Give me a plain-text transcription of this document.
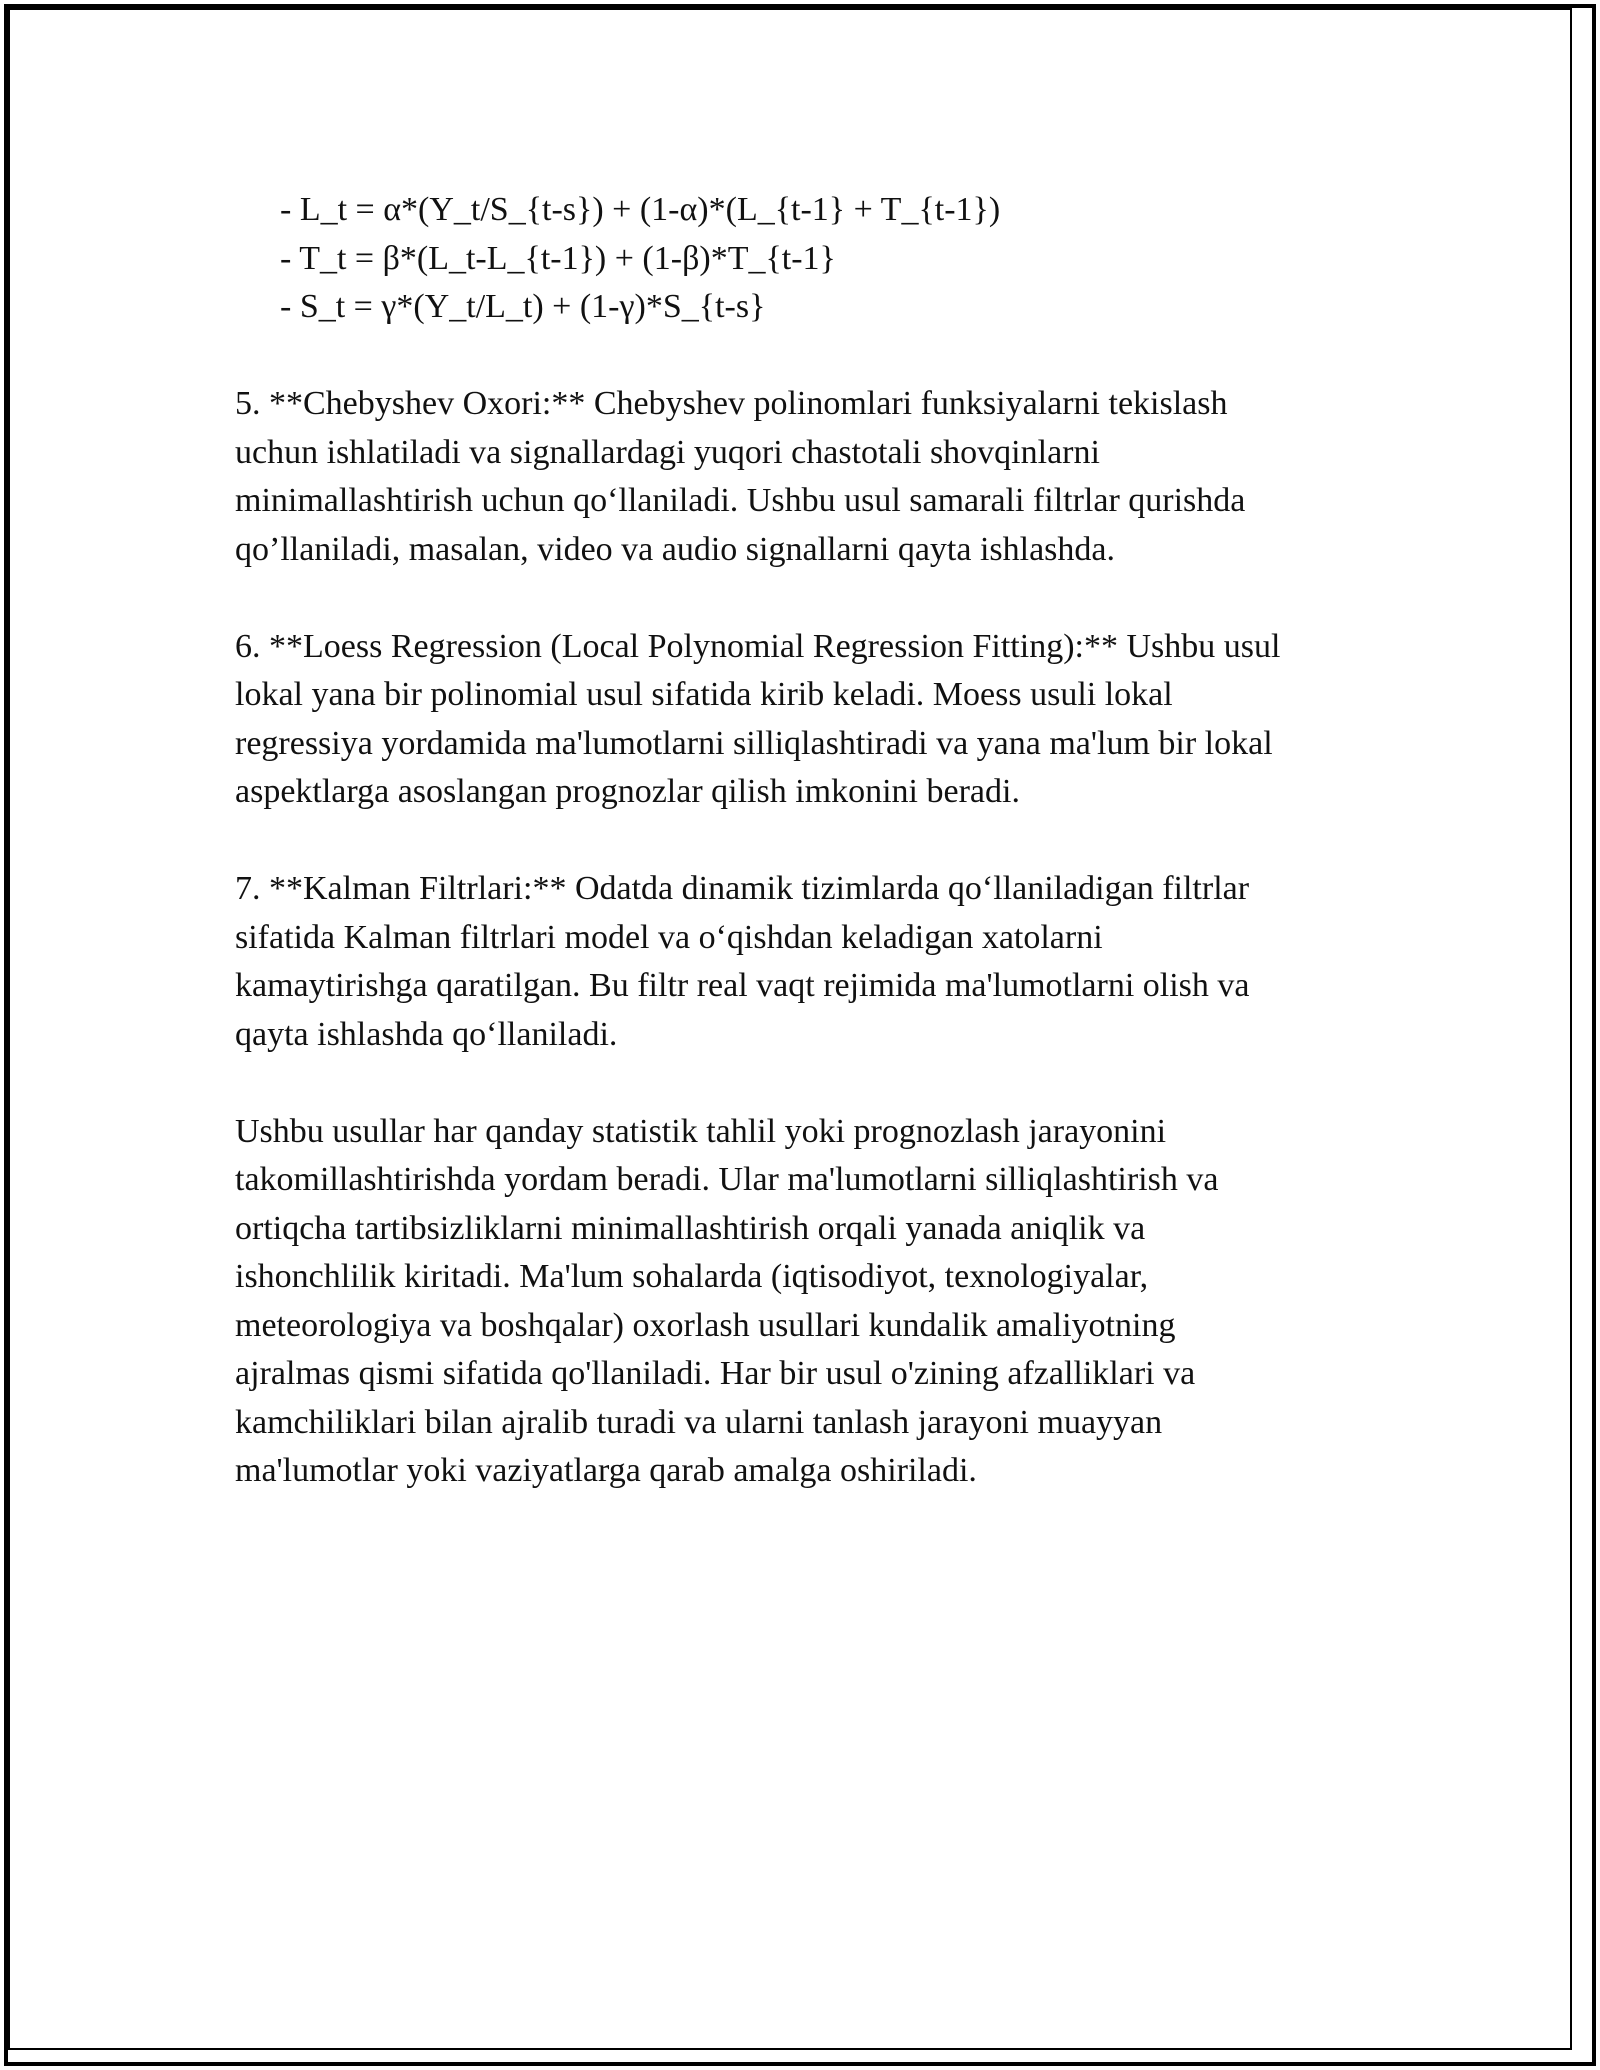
- L_t = α*(Y_t/S_{t-s}) + (1-α)*(L_{t-1} + T_{t-1})

- T_t = β*(L_t-L_{t-1}) + (1-β)*T_{t-1}

- S_t = γ*(Y_t/L_t) + (1-γ)*S_{t-s}

5. **Chebyshev Oxori:** Chebyshev polinomlari funksiyalarni tekislash

uchun ishlatiladi va signallardagi yuqori chastotali shovqinlarni

minimallashtirish uchun qo‘llaniladi. Ushbu usul samarali filtrlar qurishda

qo’llaniladi, masalan, video va audio signallarni qayta ishlashda.

6. **Loess Regression (Local Polynomial Regression Fitting):** Ushbu usul

lokal yana bir polinomial usul sifatida kirib keladi. Moess usuli lokal

regressiya yordamida ma'lumotlarni silliqlashtiradi va yana ma'lum bir lokal

aspektlarga asoslangan prognozlar qilish imkonini beradi.

7. **Kalman Filtrlari:** Odatda dinamik tizimlarda qo‘llaniladigan filtrlar

sifatida Kalman filtrlari model va o‘qishdan keladigan xatolarni

kamaytirishga qaratilgan. Bu filtr real vaqt rejimida ma'lumotlarni olish va

qayta ishlashda qo‘llaniladi.

Ushbu usullar har qanday statistik tahlil yoki prognozlash jarayonini

takomillashtirishda yordam beradi. Ular ma'lumotlarni silliqlashtirish va

ortiqcha tartibsizliklarni minimallashtirish orqali yanada aniqlik va

ishonchlilik kiritadi. Ma'lum sohalarda (iqtisodiyot, texnologiyalar,

meteorologiya va boshqalar) oxorlash usullari kundalik amaliyotning

ajralmas qismi sifatida qo'llaniladi. Har bir usul o'zining afzalliklari va

kamchiliklari bilan ajralib turadi va ularni tanlash jarayoni muayyan

ma'lumotlar yoki vaziyatlarga qarab amalga oshiriladi.
